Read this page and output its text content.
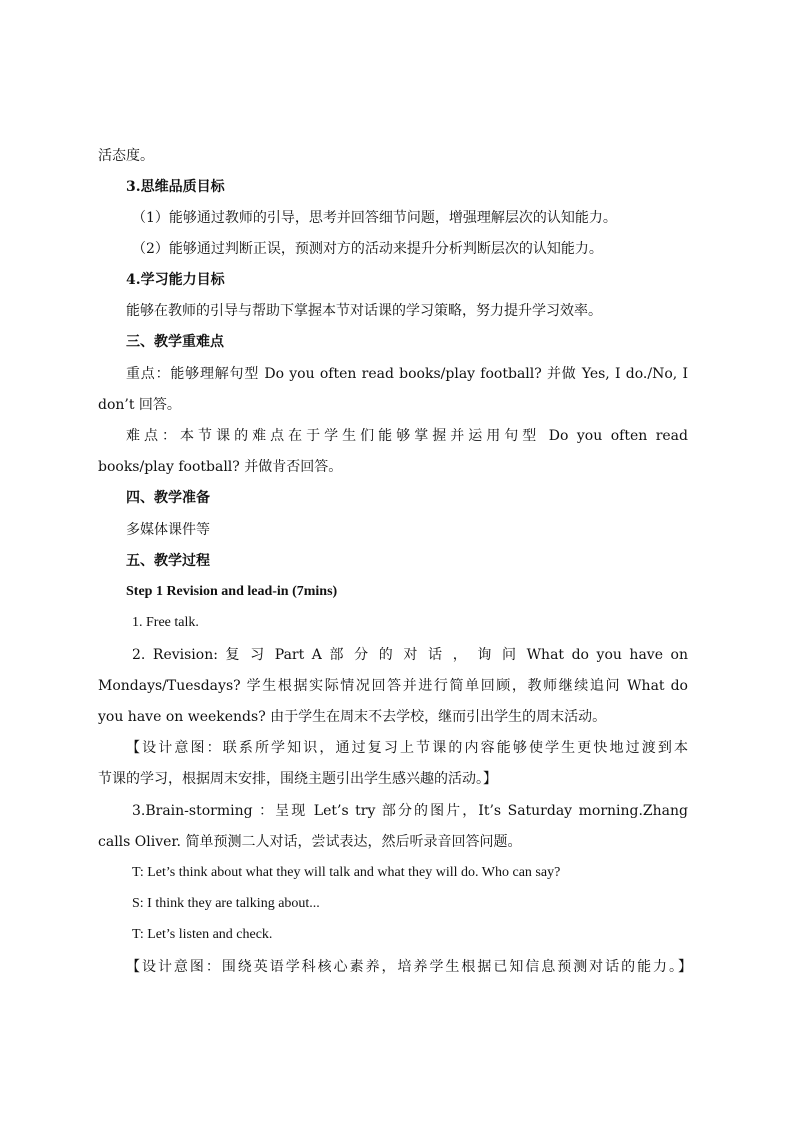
活态度。
3.思维品质目标
（1）能够通过教师的引导，思考并回答细节问题，增强理解层次的认知能力。
（2）能够通过判断正误，预测对方的活动来提升分析判断层次的认知能力。
4.学习能力目标
能够在教师的引导与帮助下掌握本节对话课的学习策略，努力提升学习效率。
三、教学重难点
重点：能够理解句型 Do you often read books/play football? 并做 Yes, I do./No, I
don’t 回答。
难点：本节课的难点在于学生们能够掌握并运用句型 Do you often read
books/play football? 并做肯否回答。
四、教学准备
多媒体课件等
五、教学过程
Step 1 Revision and lead-in (7mins)
1. Free talk.
2. Revision: 复 习 Part A 部 分 的 对 话 ， 询 问 What do you have on
Mondays/Tuesdays? 学生根据实际情况回答并进行简单回顾，教师继续追问 What do
you have on weekends? 由于学生在周末不去学校，继而引出学生的周末活动。
【设计意图：联系所学知识，通过复习上节课的内容能够使学生更快地过渡到本
节课的学习，根据周末安排，围绕主题引出学生感兴趣的活动。】
3.Brain-storming ：呈现 Let’s try 部分的图片，It’s Saturday morning.Zhang
calls Oliver. 简单预测二人对话，尝试表达，然后听录音回答问题。
T: Let’s think about what they will talk and what they will do. Who can say?
S: I think they are talking about...
T: Let’s listen and check.
【设计意图：围绕英语学科核心素养，培养学生根据已知信息预测对话的能力。】
